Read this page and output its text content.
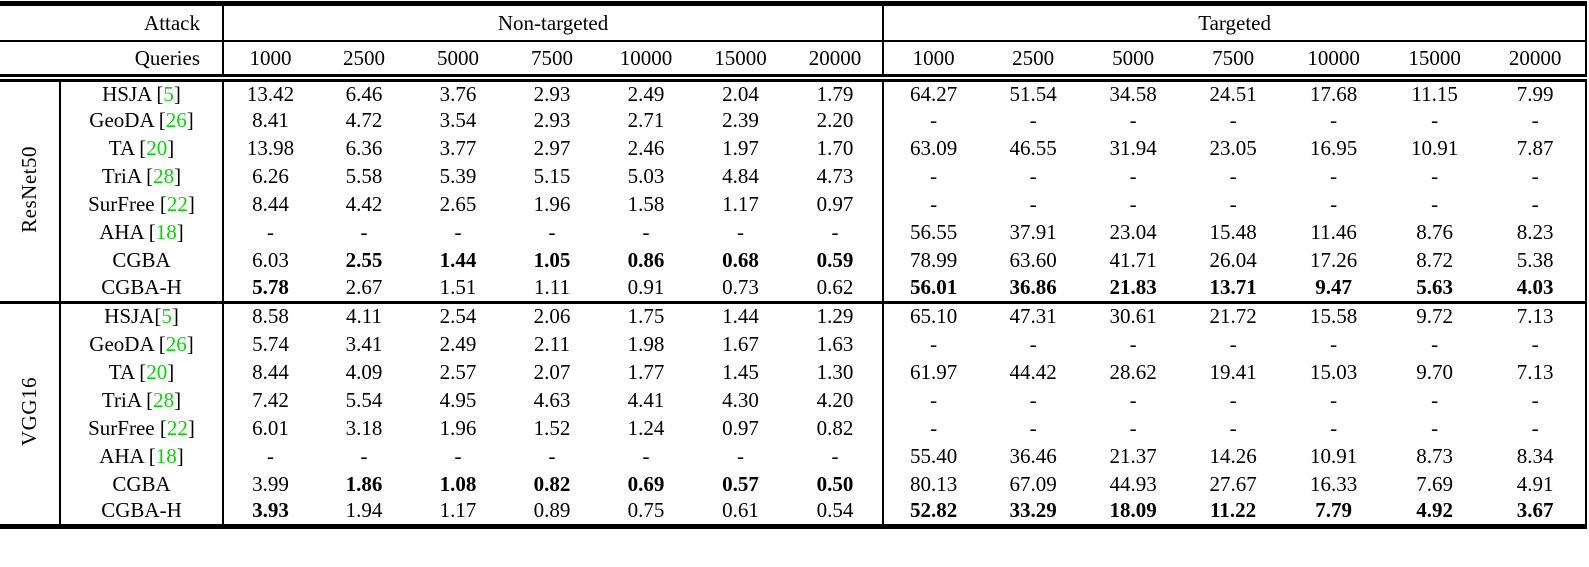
Attack		Non-targeted							Targeted						
Queries		1000	2500	5000	7500	10000	15000	20000	1000	2500	5000	7500	10000	15000	20000
ResNet50	HSJA [5]	13.42	6.46	3.76	2.93	2.49	2.04	1.79	64.27	51.54	34.58	24.51	17.68	11.15	7.99
	GeoDA [26]	8.41	4.72	3.54	2.93	2.71	2.39	2.20	-	-	-	-	-	-	-
	TA [20]	13.98	6.36	3.77	2.97	2.46	1.97	1.70	63.09	46.55	31.94	23.05	16.95	10.91	7.87
	TriA [28]	6.26	5.58	5.39	5.15	5.03	4.84	4.73	-	-	-	-	-	-	-
	SurFree [22]	8.44	4.42	2.65	1.96	1.58	1.17	0.97	-	-	-	-	-	-	-
	AHA [18]	-	-	-	-	-	-	-	56.55	37.91	23.04	15.48	11.46	8.76	8.23
	CGBA	6.03	2.55	1.44	1.05	0.86	0.68	0.59	78.99	63.60	41.71	26.04	17.26	8.72	5.38
	CGBA-H	5.78	2.67	1.51	1.11	0.91	0.73	0.62	56.01	36.86	21.83	13.71	9.47	5.63	4.03
VGG16	HSJA[5]	8.58	4.11	2.54	2.06	1.75	1.44	1.29	65.10	47.31	30.61	21.72	15.58	9.72	7.13
	GeoDA [26]	5.74	3.41	2.49	2.11	1.98	1.67	1.63	-	-	-	-	-	-	-
	TA [20]	8.44	4.09	2.57	2.07	1.77	1.45	1.30	61.97	44.42	28.62	19.41	15.03	9.70	7.13
	TriA [28]	7.42	5.54	4.95	4.63	4.41	4.30	4.20	-	-	-	-	-	-	-
	SurFree [22]	6.01	3.18	1.96	1.52	1.24	0.97	0.82	-	-	-	-	-	-	-
	AHA [18]	-	-	-	-	-	-	-	55.40	36.46	21.37	14.26	10.91	8.73	8.34
	CGBA	3.99	1.86	1.08	0.82	0.69	0.57	0.50	80.13	67.09	44.93	27.67	16.33	7.69	4.91
	CGBA-H	3.93	1.94	1.17	0.89	0.75	0.61	0.54	52.82	33.29	18.09	11.22	7.79	4.92	3.67
